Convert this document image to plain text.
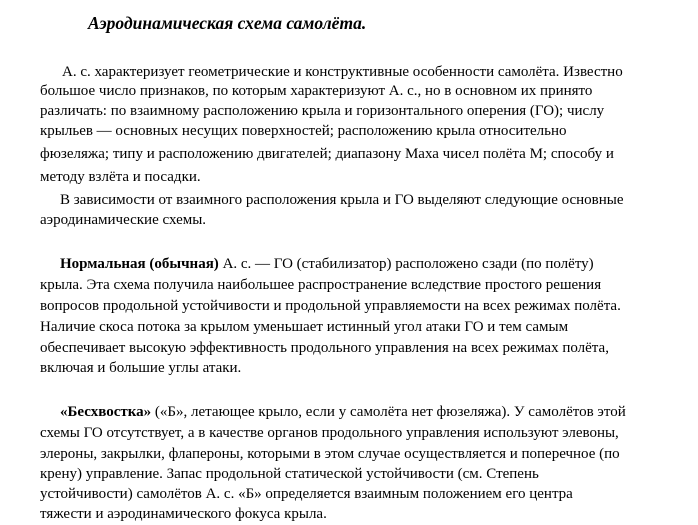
Аэродинамическая схема самолёта.

А. с. характеризует геометрические и конструктивные особенности самолёта. Известно

большое число признаков, по которым характеризуют А. с., но в основном их принято

различать: по взаимному расположению крыла и горизонтального оперения (ГО); числу

крыльев — основных несущих поверхностей; расположению крыла относительно

фюзеляжа; типу и расположению двигателей; диапазону Маха чисел полёта М; способу и

методу взлёта и посадки.

В зависимости от взаимного расположения крыла и ГО выделяют следующие основные

аэродинамические схемы.

Нормальная (обычная) А. с. — ГО (стабилизатор) расположено сзади (по полёту)

крыла. Эта схема получила наибольшее распространение вследствие простого решения

вопросов продольной устойчивости и продольной управляемости на всех режимах полёта.

Наличие скоса потока за крылом уменьшает истинный угол атаки ГО и тем самым

обеспечивает высокую эффективность продольного управления на всех режимах полёта,

включая и большие углы атаки.

«Бесхвостка» («Б», летающее крыло, если у самолёта нет фюзеляжа). У самолётов этой

схемы ГО отсутствует, а в качестве органов продольного управления используют элевоны,

элероны, закрылки, флапероны, которыми в этом случае осуществляется и поперечное (по

крену) управление. Запас продольной статической устойчивости (см. Степень

устойчивости) самолётов А. с. «Б» определяется взаимным положением его центра

тяжести и аэродинамического фокуса крыла.
